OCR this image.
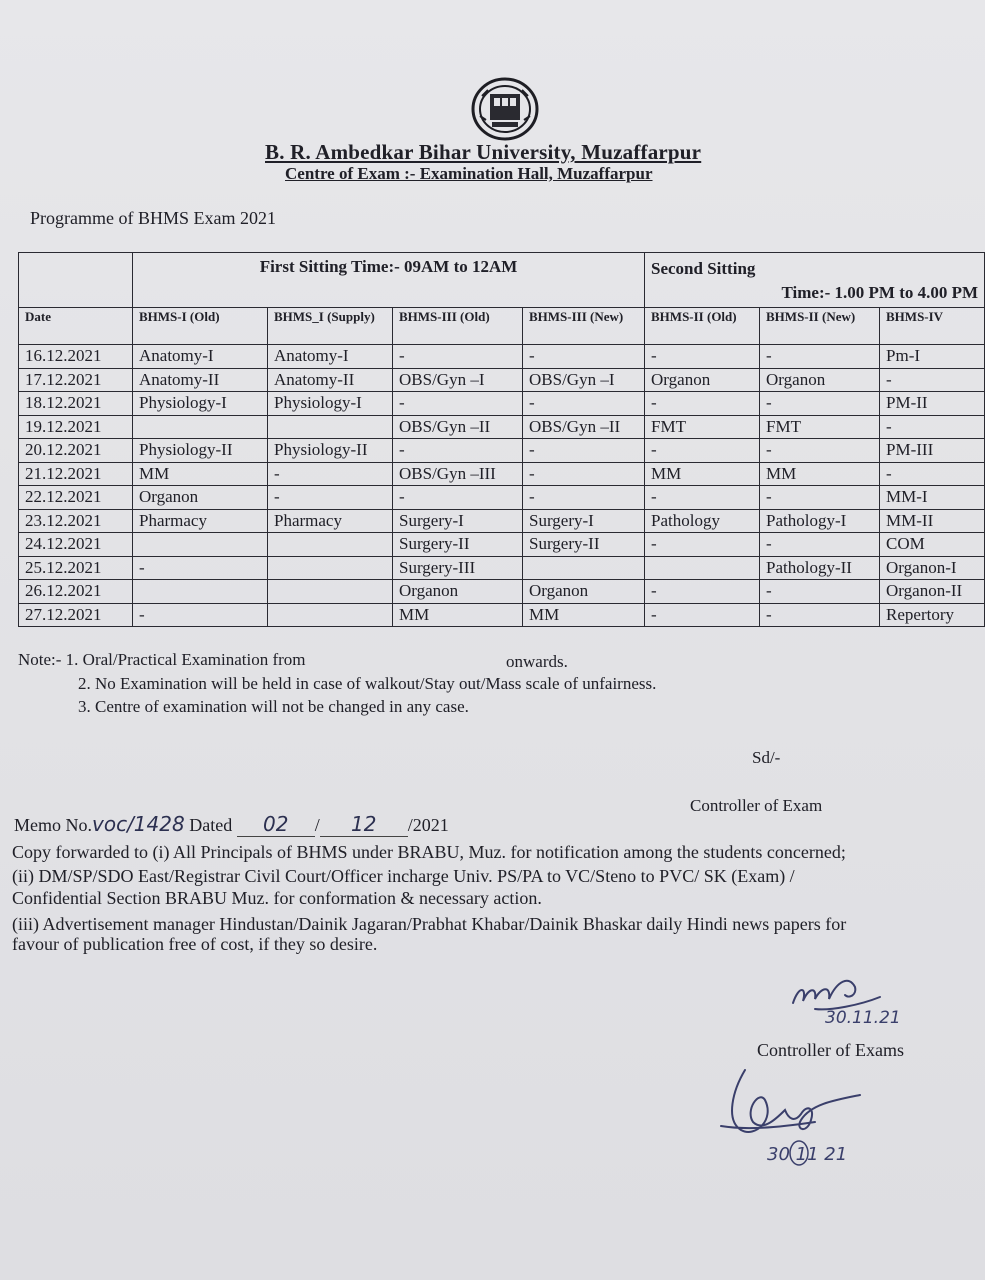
B. R. Ambedkar Bihar University, Muzaffarpur
Centre of Exam :- Examination Hall, Muzaffarpur
Programme of BHMS Exam 2021
	First Sitting Time:- 09AM to 12AM				Second Sitting
Time:- 1.00 PM to 4.00 PM		

Date	BHMS-I (Old)	BHMS_I (Supply)	BHMS-III (Old)	BHMS-III (New)	BHMS-II (Old)	BHMS-II (New)	BHMS-IV
16.12.2021	Anatomy-I	Anatomy-I	-	-	-	-	Pm-I
17.12.2021	Anatomy-II	Anatomy-II	OBS/Gyn –I	OBS/Gyn –I	Organon	Organon	-
18.12.2021	Physiology-I	Physiology-I	-	-	-	-	PM-II
19.12.2021			OBS/Gyn –II	OBS/Gyn –II	FMT	FMT	-
20.12.2021	Physiology-II	Physiology-II	-	-	-	-	PM-III
21.12.2021	MM	-	OBS/Gyn –III	-	MM	MM	-
22.12.2021	Organon	-	-	-	-	-	MM-I
23.12.2021	Pharmacy	Pharmacy	Surgery-I	Surgery-I	Pathology	Pathology-I	MM-II
24.12.2021			Surgery-II	Surgery-II	-	-	COM
25.12.2021	-		Surgery-III			Pathology-II	Organon-I
26.12.2021			Organon	Organon	-	-	Organon-II
27.12.2021	-		MM	MM	-	-	Repertory
Note:- 1. Oral/Practical Examination from	onwards.
2. No Examination will be held in case of walkout/Stay out/Mass scale of unfairness.
3. Centre of examination will not be changed in any case.
Sd/-
Controller of Exam
Memo No.voc/1428 Dated 02 / 12 /2021
Copy forwarded to (i) All Principals of BHMS under BRABU, Muz. for notification among the students concerned;
(ii) DM/SP/SDO East/Registrar Civil Court/Officer incharge Univ. PS/PA to VC/Steno to PVC/ SK (Exam) /
Confidential Section BRABU Muz. for conformation & necessary action.
(iii) Advertisement manager Hindustan/Dainik Jagaran/Prabhat Khabar/Dainik Bhaskar daily Hindi news papers for
favour of publication free of cost, if they so desire.
30.11.21
Controller of Exams
30 11 21
